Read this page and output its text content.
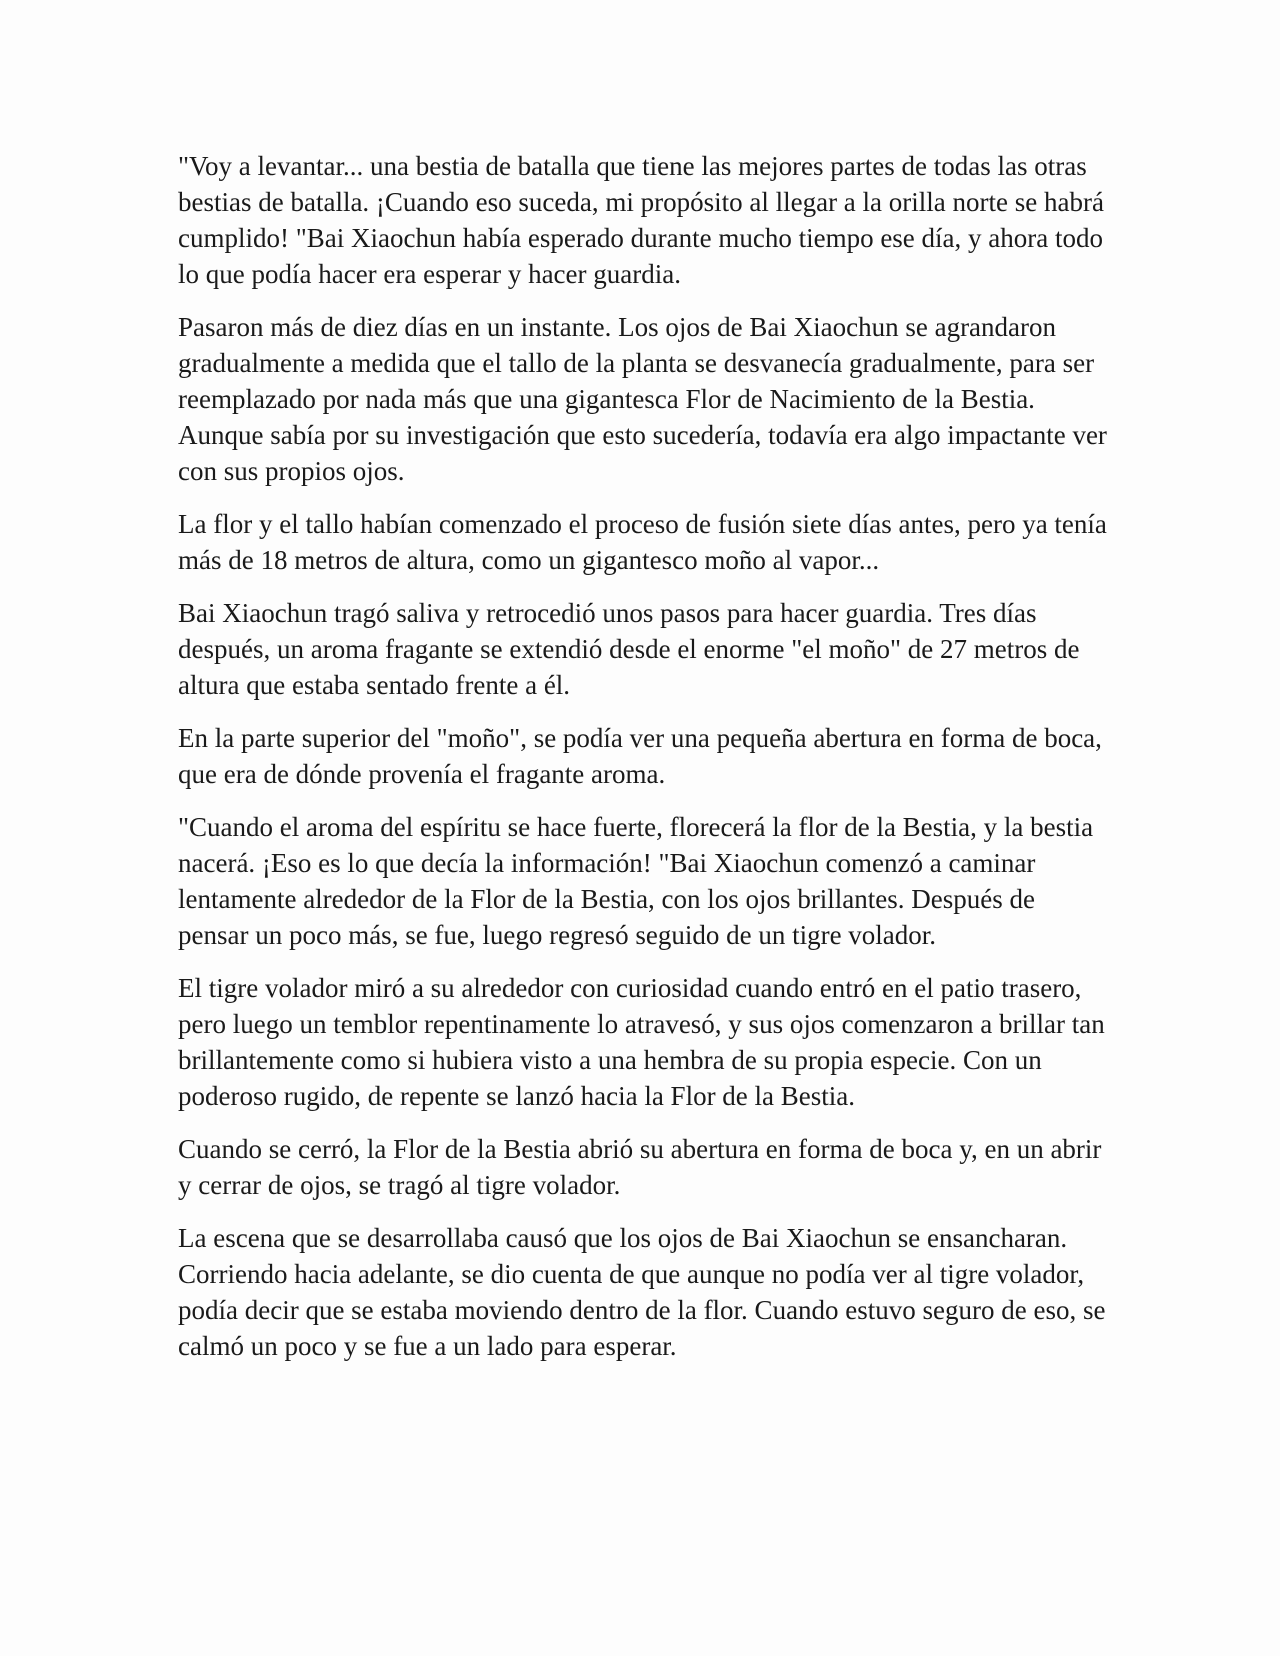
"Voy a levantar... una bestia de batalla que tiene las mejores partes de todas las otras bestias de batalla. ¡Cuando eso suceda, mi propósito al llegar a la orilla norte se habrá cumplido! "Bai Xiaochun había esperado durante mucho tiempo ese día, y ahora todo lo que podía hacer era esperar y hacer guardia.

Pasaron más de diez días en un instante. Los ojos de Bai Xiaochun se agrandaron gradualmente a medida que el tallo de la planta se desvanecía gradualmente, para ser reemplazado por nada más que una gigantesca Flor de Nacimiento de la Bestia. Aunque sabía por su investigación que esto sucedería, todavía era algo impactante ver con sus propios ojos.

La flor y el tallo habían comenzado el proceso de fusión siete días antes, pero ya tenía más de 18 metros de altura, como un gigantesco moño al vapor...

Bai Xiaochun tragó saliva y retrocedió unos pasos para hacer guardia. Tres días después, un aroma fragante se extendió desde el enorme "el moño" de 27 metros de altura que estaba sentado frente a él.

En la parte superior del "moño", se podía ver una pequeña abertura en forma de boca, que era de dónde provenía el fragante aroma.

"Cuando el aroma del espíritu se hace fuerte, florecerá la flor de la Bestia, y la bestia nacerá. ¡Eso es lo que decía la información! "Bai Xiaochun comenzó a caminar lentamente alrededor de la Flor de la Bestia, con los ojos brillantes. Después de pensar un poco más, se fue, luego regresó seguido de un tigre volador.

El tigre volador miró a su alrededor con curiosidad cuando entró en el patio trasero, pero luego un temblor repentinamente lo atravesó, y sus ojos comenzaron a brillar tan brillantemente como si hubiera visto a una hembra de su propia especie. Con un poderoso rugido, de repente se lanzó hacia la Flor de la Bestia.

Cuando se cerró, la Flor de la Bestia abrió su abertura en forma de boca y, en un abrir y cerrar de ojos, se tragó al tigre volador.

La escena que se desarrollaba causó que los ojos de Bai Xiaochun se ensancharan. Corriendo hacia adelante, se dio cuenta de que aunque no podía ver al tigre volador, podía decir que se estaba moviendo dentro de la flor. Cuando estuvo seguro de eso, se calmó un poco y se fue a un lado para esperar.
